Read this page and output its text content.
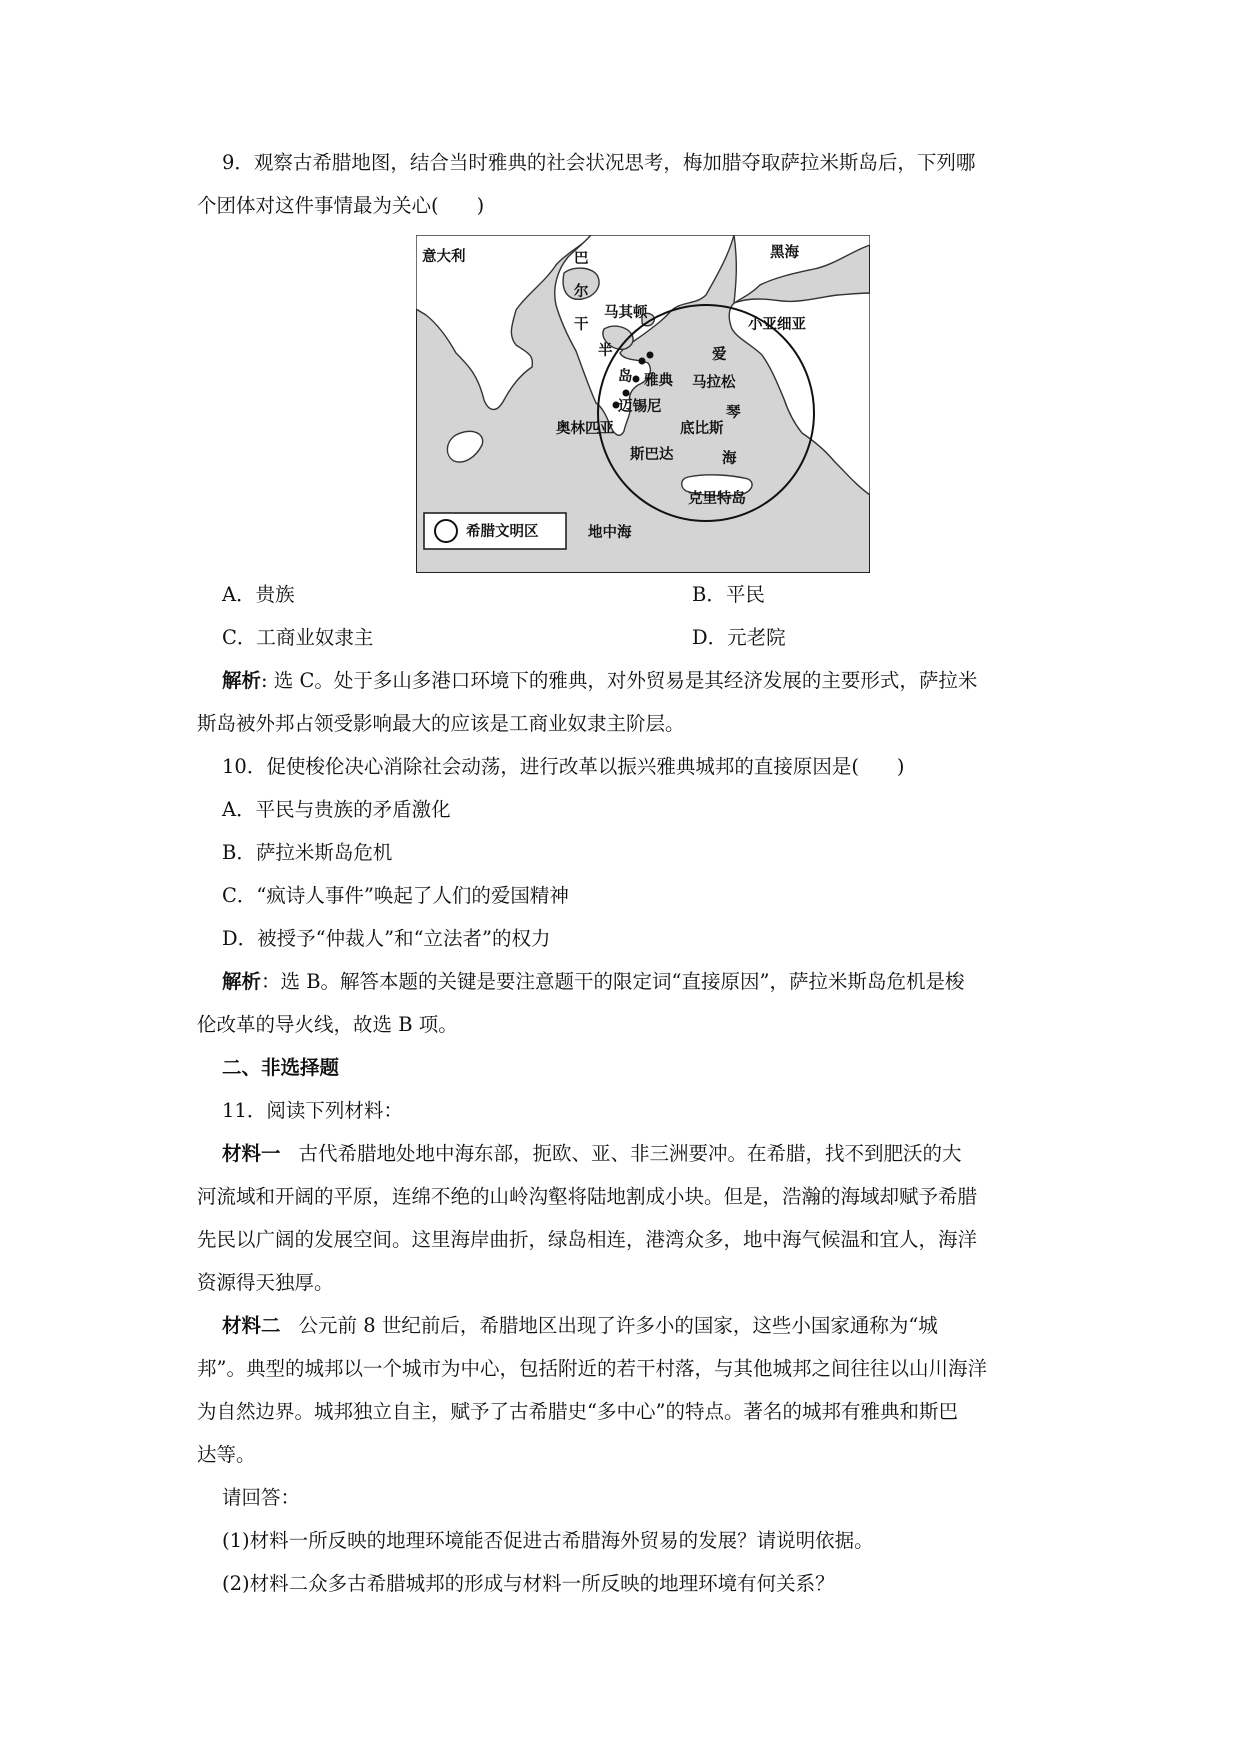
9．观察古希腊地图，结合当时雅典的社会状况思考，梅加腊夺取萨拉米斯岛后，下列哪
个团体对这件事情最为关心( )
意大利	黑海
巴
尔
干
半
岛
马其顿
小亚细亚
爱
琴
海
雅典 马拉松
迈锡尼
奥林匹亚	底比斯
斯巴达
克里特岛
地中海
希腊文明区
A．贵族	B．平民
C．工商业奴隶主	D．元老院
解析: 选 C。处于多山多港口环境下的雅典，对外贸易是其经济发展的主要形式，萨拉米
斯岛被外邦占领受影响最大的应该是工商业奴隶主阶层。
10．促使梭伦决心消除社会动荡，进行改革以振兴雅典城邦的直接原因是( )
A．平民与贵族的矛盾激化
B．萨拉米斯岛危机
C．“疯诗人事件”唤起了人们的爱国精神
D．被授予“仲裁人”和“立法者”的权力
解析：选 B。解答本题的关键是要注意题干的限定词“直接原因”，萨拉米斯岛危机是梭
伦改革的导火线，故选 B 项。
二、非选择题
11．阅读下列材料：
材料一 古代希腊地处地中海东部，扼欧、亚、非三洲要冲。在希腊，找不到肥沃的大
河流域和开阔的平原，连绵不绝的山岭沟壑将陆地割成小块。但是，浩瀚的海域却赋予希腊
先民以广阔的发展空间。这里海岸曲折，绿岛相连，港湾众多，地中海气候温和宜人，海洋
资源得天独厚。
材料二 公元前 8 世纪前后，希腊地区出现了许多小的国家，这些小国家通称为“城
邦”。典型的城邦以一个城市为中心，包括附近的若干村落，与其他城邦之间往往以山川海洋
为自然边界。城邦独立自主，赋予了古希腊史“多中心”的特点。著名的城邦有雅典和斯巴
达等。
请回答：
(1)材料一所反映的地理环境能否促进古希腊海外贸易的发展？请说明依据。
(2)材料二众多古希腊城邦的形成与材料一所反映的地理环境有何关系？
